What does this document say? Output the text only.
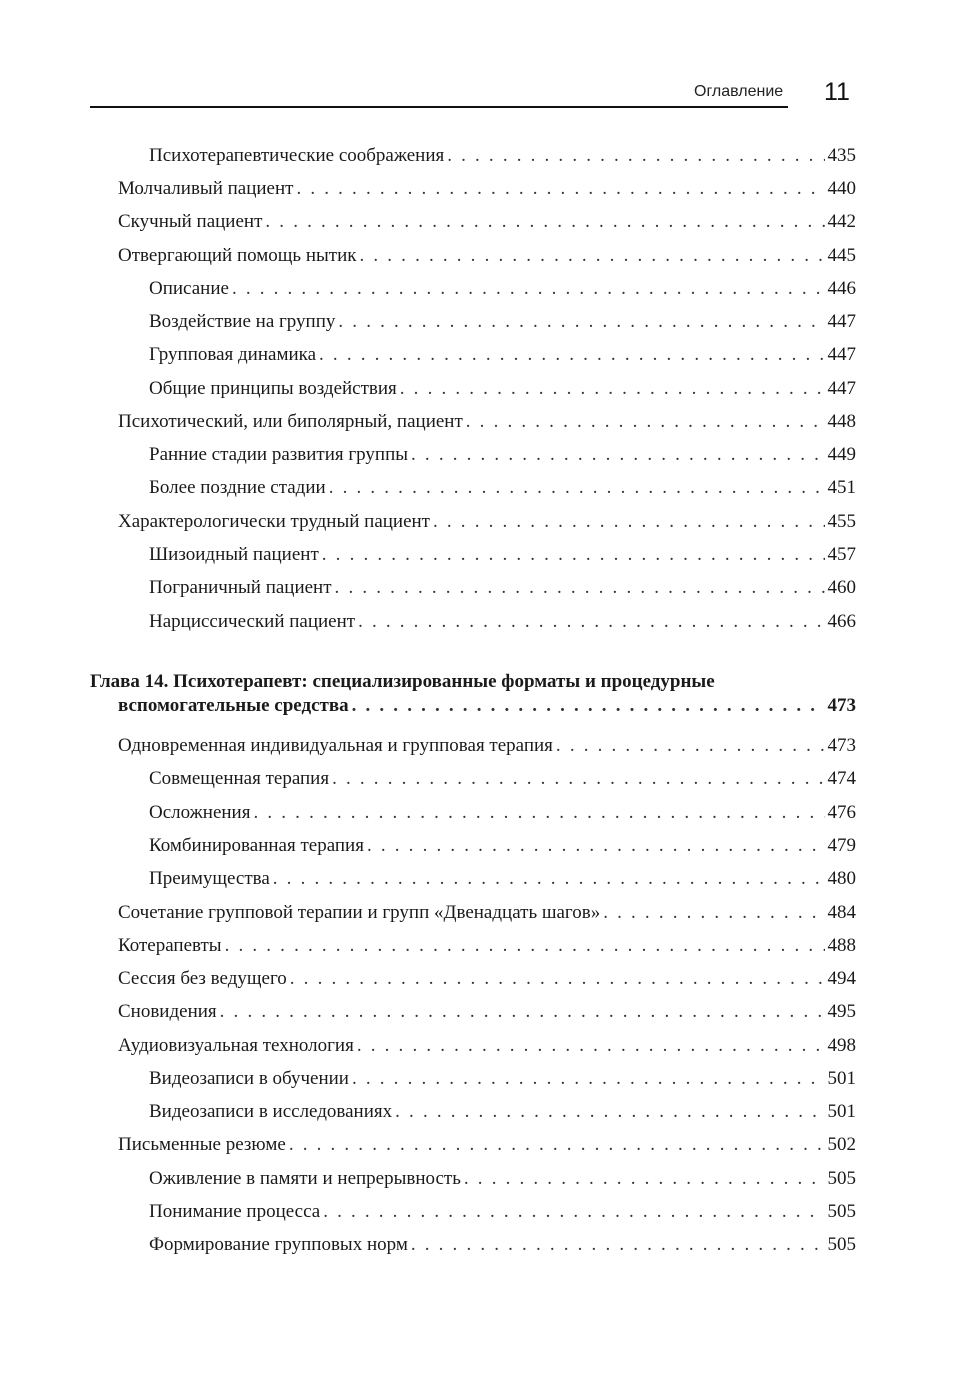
Оглавление 11
Психотерапевтические соображения . . .	435
Молчаливый пациент . . .	440
Скучный пациент . . .	442
Отвергающий помощь нытик . . .	445
Описание . . .	446
Воздействие на группу . . .	447
Групповая динамика . . .	447
Общие принципы воздействия . . .	447
Психотический, или биполярный, пациент . . .	448
Ранние стадии развития группы . . .	449
Более поздние стадии . . .	451
Характерологически трудный пациент . . .	455
Шизоидный пациент . . .	457
Пограничный пациент . . .	460
Нарциссический пациент . . .	466
Глава 14. Психотерапевт: специализированные форматы и процедурные
вспомогательные средства . . .	473
Одновременная индивидуальная и групповая терапия . . .	473
Совмещенная терапия . . .	474
Осложнения . . .	476
Комбинированная терапия . . .	479
Преимущества . . .	480
Сочетание групповой терапии и групп «Двенадцать шагов» . . .	484
Котерапевты . . .	488
Сессия без ведущего . . .	494
Сновидения . . .	495
Аудиовизуальная технология . . .	498
Видеозаписи в обучении . . .	501
Видеозаписи в исследованиях . . .	501
Письменные резюме . . .	502
Оживление в памяти и непрерывность . . .	505
Понимание процесса . . .	505
Формирование групповых норм . . .	505
